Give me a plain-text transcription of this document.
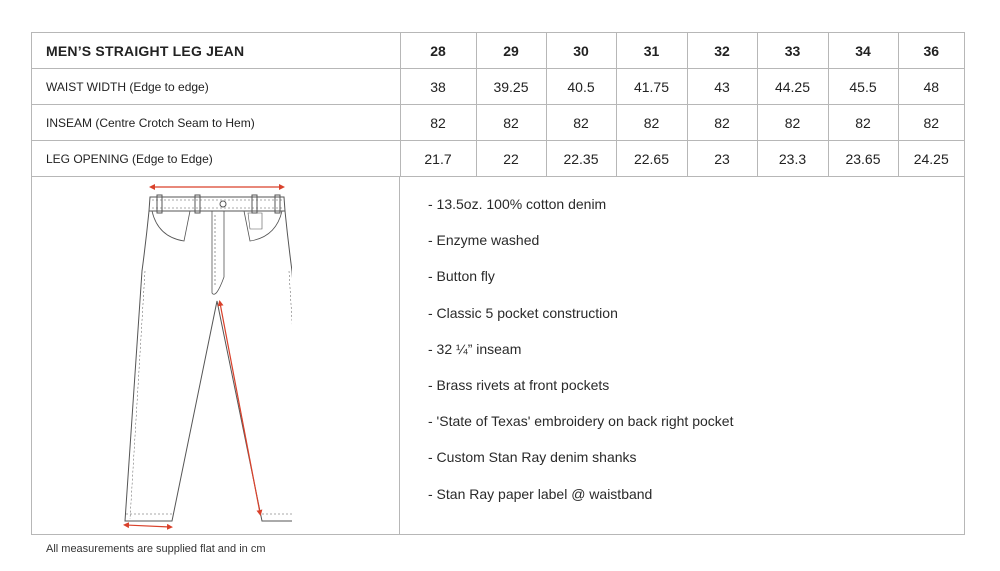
MEN’S STRAIGHT LEG JEAN	28	29	30	31	32	33	34	36
WAIST WIDTH (Edge to edge)	38	39.25	40.5	41.75	43	44.25	45.5	48
INSEAM (Centre Crotch Seam to Hem)	82	82	82	82	82	82	82	82
LEG OPENING (Edge to Edge)	21.7	22	22.35	22.65	23	23.3	23.65	24.25
- 13.5oz. 100% cotton denim
- Enzyme washed
- Button fly
- Classic 5 pocket construction
- 32 ¼” inseam
- Brass rivets at front pockets
- 'State of Texas' embroidery on back right pocket
- Custom Stan Ray denim shanks
- Stan Ray paper label @ waistband
All measurements are supplied flat and in cm
